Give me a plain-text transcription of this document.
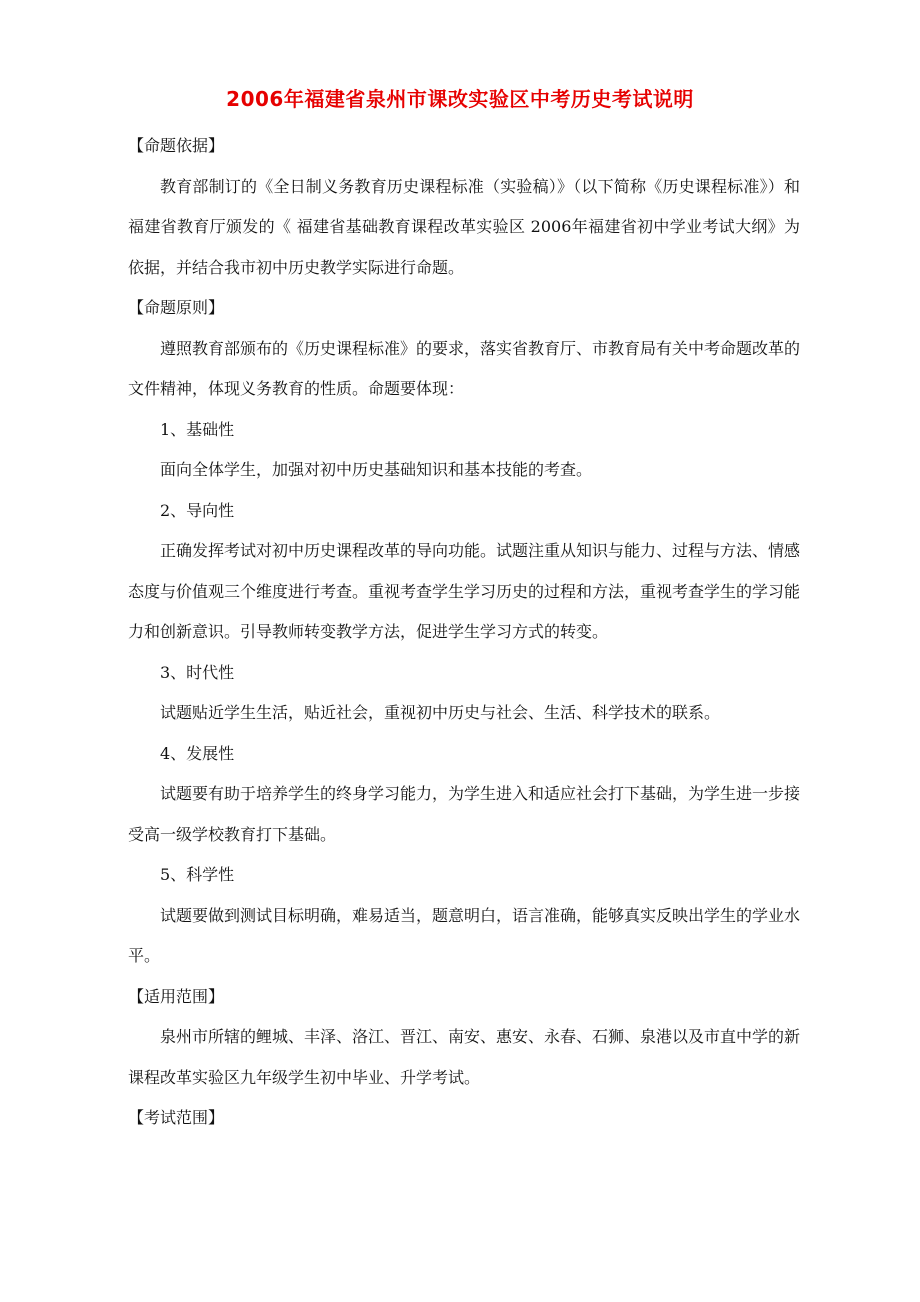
2006年福建省泉州市课改实验区中考历史考试说明

【命题依据】

教育部制订的《全日制义务教育历史课程标准（实验稿）》（以下简称《历史课程标准》）和福建省教育厅颁发的《 福建省基础教育课程改革实验区 2006年福建省初中学业考试大纲》为依据，并结合我市初中历史教学实际进行命题。

【命题原则】

遵照教育部颁布的《历史课程标准》的要求，落实省教育厅、市教育局有关中考命题改革的文件精神，体现义务教育的性质。命题要体现：

1、基础性

面向全体学生，加强对初中历史基础知识和基本技能的考查。

2、导向性

正确发挥考试对初中历史课程改革的导向功能。试题注重从知识与能力、过程与方法、情感态度与价值观三个维度进行考查。重视考查学生学习历史的过程和方法，重视考查学生的学习能力和创新意识。引导教师转变教学方法，促进学生学习方式的转变。

3、时代性

试题贴近学生生活，贴近社会，重视初中历史与社会、生活、科学技术的联系。

4、发展性

试题要有助于培养学生的终身学习能力，为学生进入和适应社会打下基础，为学生进一步接受高一级学校教育打下基础。

5、科学性

试题要做到测试目标明确，难易适当，题意明白，语言准确，能够真实反映出学生的学业水平。

【适用范围】

泉州市所辖的鲤城、丰泽、洛江、晋江、南安、惠安、永春、石狮、泉港以及市直中学的新课程改革实验区九年级学生初中毕业、升学考试。

【考试范围】
